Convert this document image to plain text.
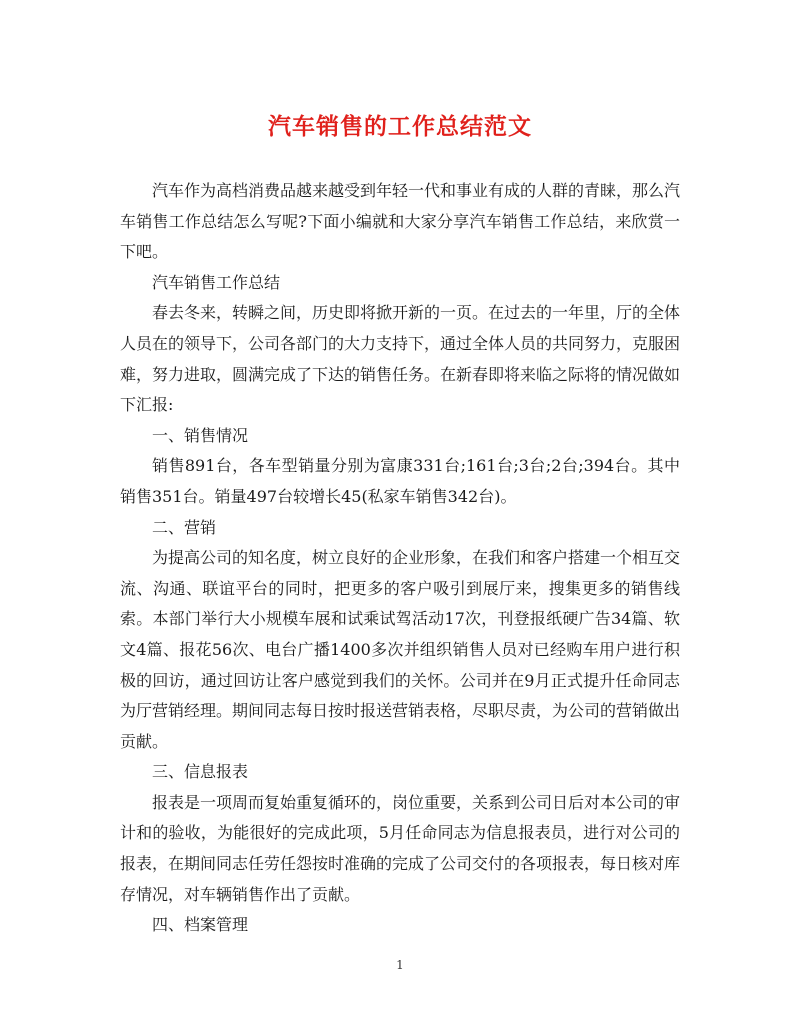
汽车销售的工作总结范文

汽车作为高档消费品越来越受到年轻一代和事业有成的人群的青睐，那么汽车销售工作总结怎么写呢?下面小编就和大家分享汽车销售工作总结，来欣赏一下吧。

汽车销售工作总结

春去冬来，转瞬之间，历史即将掀开新的一页。在过去的一年里，厅的全体人员在的领导下，公司各部门的大力支持下，通过全体人员的共同努力，克服困难，努力进取，圆满完成了下达的销售任务。在新春即将来临之际将的情况做如下汇报:

一、销售情况

销售891台，各车型销量分别为富康331台;161台;3台;2台;394台。其中销售351台。销量497台较增长45(私家车销售342台)。

二、营销

为提高公司的知名度，树立良好的企业形象，在我们和客户搭建一个相互交流、沟通、联谊平台的同时，把更多的客户吸引到展厅来，搜集更多的销售线索。本部门举行大小规模车展和试乘试驾活动17次，刊登报纸硬广告34篇、软文4篇、报花56次、电台广播1400多次并组织销售人员对已经购车用户进行积极的回访，通过回访让客户感觉到我们的关怀。公司并在9月正式提升任命同志为厅营销经理。期间同志每日按时报送营销表格，尽职尽责，为公司的营销做出贡献。

三、信息报表

报表是一项周而复始重复循环的，岗位重要，关系到公司日后对本公司的审计和的验收，为能很好的完成此项，5月任命同志为信息报表员，进行对公司的报表，在期间同志任劳任怨按时准确的完成了公司交付的各项报表，每日核对库存情况，对车辆销售作出了贡献。

四、档案管理

1
